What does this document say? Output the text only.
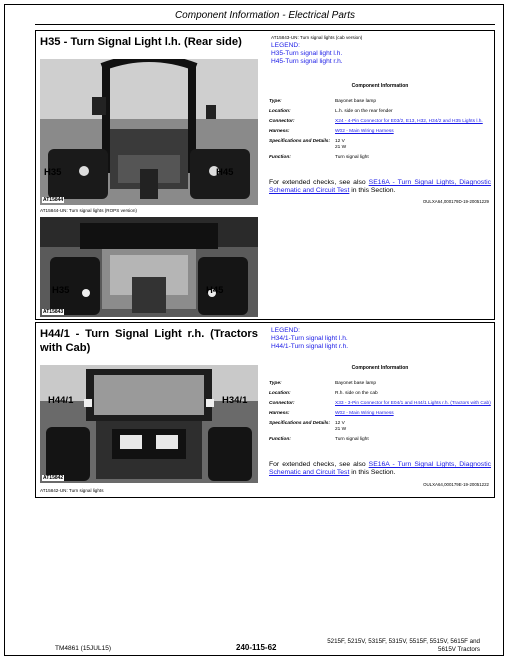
Component Information - Electrical Parts
H35 - Turn Signal Light l.h. (Rear side)
H35	H45
AT15844
AT15844-UN: Turn signal lights (ROPS version)
H35	H45
AT15843
AT15843-UN: Turn signal lights (cab version)
LEGEND:
H35-Turn signal light l.h.
H45-Turn signal light r.h.
Component Information
Type:	Bayonet base lamp
Location:	L.h. side on the rear fender
Connector:	X24 - 4-Pin Connector for E03/2, E13, H32, H34/2 and H35 Lights l.h.
Harness:	W02 - Main Wiring Harness
Specifications and Details:	12 V
21 W
Function:	Turn signal light
For extended checks, see also SE16A - Turn Signal Lights, Diagnostic Schematic and Circuit Test in this Section.
OULXA64,000179D-19-20051229
H44/1 - Turn Signal Light r.h. (Tractors with Cab)
H44/1	H34/1
AT15842
AT15842-UN: Turn signal lights
LEGEND:
H34/1-Turn signal light l.h.
H44/1-Turn signal light r.h.
Component Information
Type:	Bayonet base lamp
Location:	R.h. side on the cab
Connector:	X33 - 3-Pin Connector for E04/1 and H44/1 Lights r.h. (Tractors with Cab)
Harness:	W02 - Main Wiring Harness
Specifications and Details:	12 V
21 W
Function:	Turn signal light
For extended checks, see also SE16A - Turn Signal Lights, Diagnostic Schematic and Circuit Test in this Section.
OULXA64,000179E-19-20051222
TM4861 (15JUL15)	240-115-62
5215F, 5215V, 5315F, 5315V, 5515F, 5515V, 5615F and 5615V Tractors
